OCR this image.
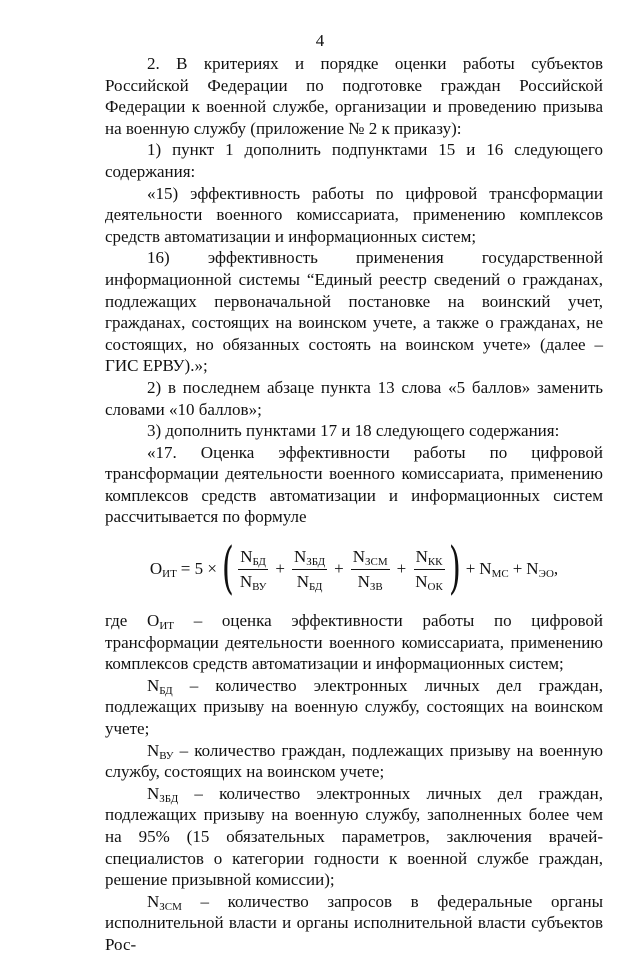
4

2. В критериях и порядке оценки работы субъектов Российской Федерации по подготовке граждан Российской Федерации к военной службе, организации и проведению призыва на военную службу (приложение № 2 к приказу):

1) пункт 1 дополнить подпунктами 15 и 16 следующего содержания:

«15) эффективность работы по цифровой трансформации деятельности военного комиссариата, применению комплексов средств автоматизации и информационных систем;

16) эффективность применения государственной информационной системы “Единый реестр сведений о гражданах, подлежащих первоначальной постановке на воинский учет, гражданах, состоящих на воинском учете, а также о гражданах, не состоящих, но обязанных состоять на воинском учете» (далее – ГИС ЕРВУ).»;

2) в последнем абзаце пункта 13 слова «5 баллов» заменить словами «10 баллов»;

3) дополнить пунктами 17 и 18 следующего содержания:

«17. Оценка эффективности работы по цифровой трансформации деятельности военного комиссариата, применению комплексов средств автоматизации и информационных систем рассчитывается по формуле

$О_{ИТ} = 5$ × ( $\frac{N_{БД}}{N_{ВУ}} + \frac{N_{ЗБД}}{N_{БД}} + \frac{N_{ЗСМ}}{N_{ЗВ}} + \frac{N_{КК}}{N_{ОК}}$ ) + $N_{МС} + N_{ЭО}$,

где $О_{ИТ}$ – оценка эффективности работы по цифровой трансформации деятельности военного комиссариата, применению комплексов средств автоматизации и информационных систем;

$N_{БД}$ – количество электронных личных дел граждан, подлежащих призыву на военную службу, состоящих на воинском учете;

$N_{ВУ}$ – количество граждан, подлежащих призыву на военную службу, состоящих на воинском учете;

$N_{ЗБД}$ – количество электронных личных дел граждан, подлежащих призыву на военную службу, заполненных более чем на 95% (15 обязательных параметров, заключения врачей-специалистов о категории годности к военной службе граждан, решение призывной комиссии);

$N_{ЗСМ}$ – количество запросов в федеральные органы исполнительной власти и органы исполнительной власти субъектов Рос-
